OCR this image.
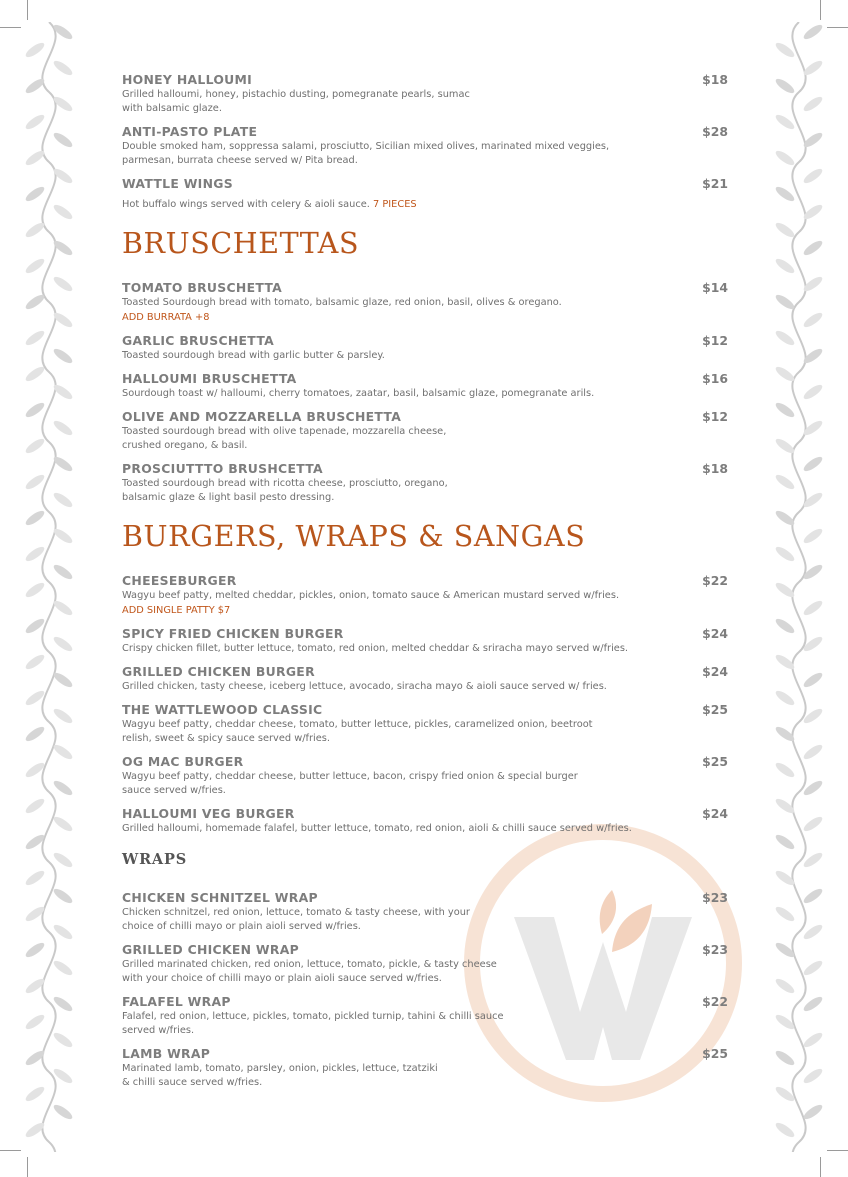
HONEY HALLOUMI	$18
Grilled halloumi, honey, pistachio dusting, pomegranate pearls, sumac
with balsamic glaze.
ANTI-PASTO PLATE	$28
Double smoked ham, soppressa salami, prosciutto, Sicilian mixed olives, marinated mixed veggies,
parmesan, burrata cheese served w/ Pita bread.
WATTLE WINGS	$21
Hot buffalo wings served with celery & aioli sauce. 7 PIECES
BRUSCHETTAS
TOMATO BRUSCHETTA	$14
Toasted Sourdough bread with tomato, balsamic glaze, red onion, basil, olives & oregano.
ADD BURRATA +8
GARLIC BRUSCHETTA	$12
Toasted sourdough bread with garlic butter & parsley.
HALLOUMI BRUSCHETTA	$16
Sourdough toast w/ halloumi, cherry tomatoes, zaatar, basil, balsamic glaze, pomegranate arils.
OLIVE AND MOZZARELLA BRUSCHETTA	$12
Toasted sourdough bread with olive tapenade, mozzarella cheese,
crushed oregano, & basil.
PROSCIUTTTO BRUSHCETTA	$18
Toasted sourdough bread with ricotta cheese, prosciutto, oregano,
balsamic glaze & light basil pesto dressing.
BURGERS, WRAPS & SANGAS
CHEESEBURGER	$22
Wagyu beef patty, melted cheddar, pickles, onion, tomato sauce & American mustard served w/fries.
ADD SINGLE PATTY $7
SPICY FRIED CHICKEN BURGER	$24
Crispy chicken fillet, butter lettuce, tomato, red onion, melted cheddar & sriracha mayo served w/fries.
GRILLED CHICKEN BURGER	$24
Grilled chicken, tasty cheese, iceberg lettuce, avocado, siracha mayo & aioli sauce served w/ fries.
THE WATTLEWOOD CLASSIC	$25
Wagyu beef patty, cheddar cheese, tomato, butter lettuce, pickles, caramelized onion, beetroot
relish, sweet & spicy sauce served w/fries.
OG MAC BURGER	$25
Wagyu beef patty, cheddar cheese, butter lettuce, bacon, crispy fried onion & special burger
sauce served w/fries.
HALLOUMI VEG BURGER	$24
Grilled halloumi, homemade falafel, butter lettuce, tomato, red onion, aioli & chilli sauce served w/fries.
WRAPS
CHICKEN SCHNITZEL WRAP	$23
Chicken schnitzel, red onion, lettuce, tomato & tasty cheese, with your
choice of chilli mayo or plain aioli served w/fries.
GRILLED CHICKEN WRAP	$23
Grilled marinated chicken, red onion, lettuce, tomato, pickle, & tasty cheese
with your choice of chilli mayo or plain aioli sauce served w/fries.
FALAFEL WRAP	$22
Falafel, red onion, lettuce, pickles, tomato, pickled turnip, tahini & chilli sauce
served w/fries.
LAMB WRAP	$25
Marinated lamb, tomato, parsley, onion, pickles, lettuce, tzatziki
& chilli sauce served w/fries.
